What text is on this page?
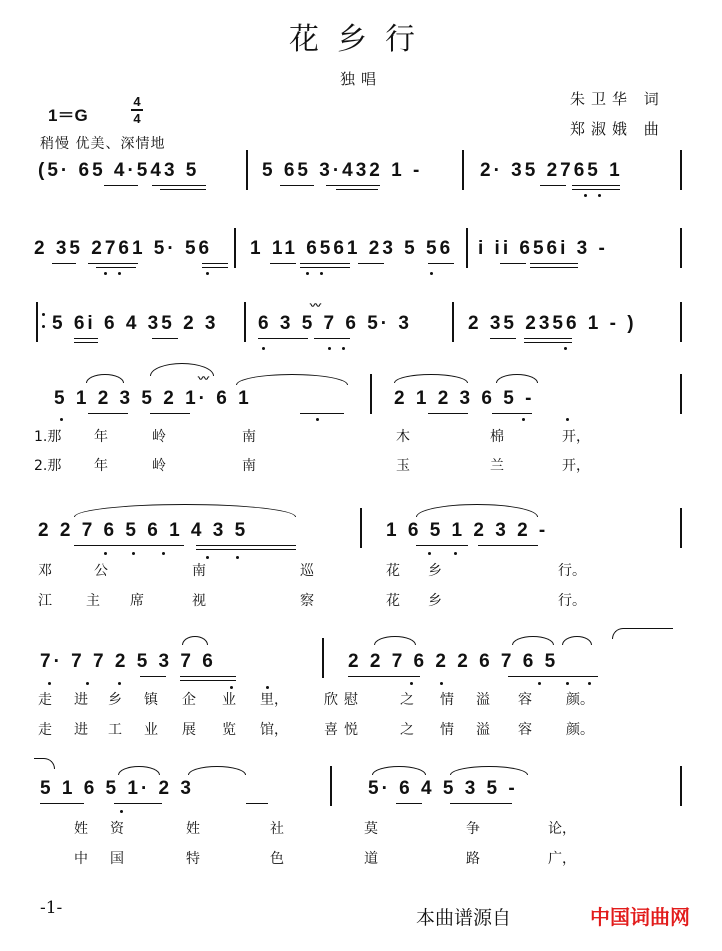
花乡行
独唱
朱卫华 词
郑淑娥 曲
1＝G
4
4
稍慢 优美、深情地
(5· 65 4·543 5	5 65 3·432 1 -	2· 35 2765 1
2 35 2761 5· 56 1 11 6561 23 5 56 i ii 656i 3 -
5 6i 6 4 35 2 3 6 3 5 7 6 5· 3
〰
2 35 2356 1 - )
〰
5 1 2 3 5 2 1· 6 1	2 1 2 3 6 5 -
1.那 年	岭	南	木	棉	开，
2.那 年	岭	南	玉	兰	开，
2 2 7 6 5 6 1 4 3 5	1 6 5 1 2 3 2 -
邓	公	南	巡	花 乡	行。
江 主 席	视	察	花 乡	行。
7· 7 7 2 5 3 7 6	2 2 7 6 2 2 6 7 6 5
走 进 乡 镇 企 业 里，	欣 慰	之 情 溢 容 颜。
走 进 工 业 展 览 馆，	喜 悦	之 情 溢 容 颜。
5 1 6 5 1· 2 3	5· 6 4 5 3 5 -
姓 资	姓	社	莫	争	论，
中 国	特	色	道	路	广，
-1-	本曲谱源自	中国词曲网
